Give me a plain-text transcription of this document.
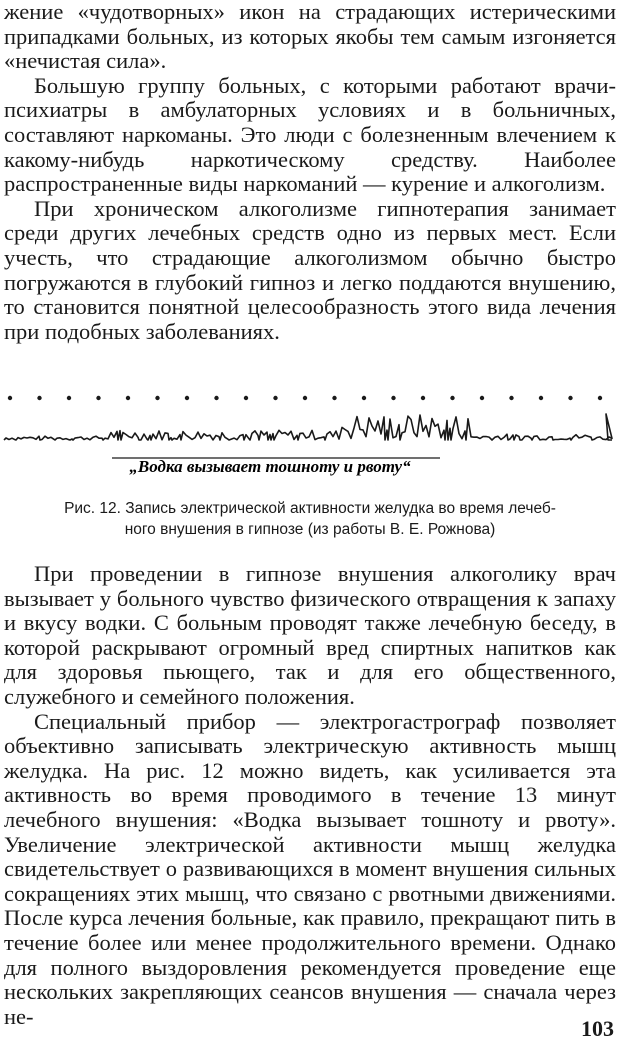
жение «чудотворных» икон на страдающих истерическими припадками больных, из которых якобы тем самым изгоняется «нечистая сила».

Большую группу больных, с которыми работают врачи-психиатры в амбулаторных условиях и в больничных, составляют наркоманы. Это люди с болезненным влечением к какому-нибудь наркотическому средству. Наиболее распространенные виды наркоманий — курение и алкоголизм.

При хроническом алкоголизме гипнотерапия занимает среди других лечебных средств одно из первых мест. Если учесть, что страдающие алкоголизмом обычно быстро погружаются в глубокий гипноз и легко поддаются внушению, то становится понятной целесообразность этого вида лечения при подобных заболеваниях.

„Водка вызывает тошноту и рвоту“
Рис. 12. Запись электрической активности желудка во время лечеб-
ного внушения в гипнозе (из работы В. Е. Рожнова)

При проведении в гипнозе внушения алкоголику врач вызывает у больного чувство физического отвращения к запаху и вкусу водки. С больным проводят также лечебную беседу, в которой раскрывают огромный вред спиртных напитков как для здоровья пьющего, так и для его общественного, служебного и семейного положения.

Специальный прибор — электрогастрограф позволяет объективно записывать электрическую активность мышц желудка. На рис. 12 можно видеть, как усиливается эта активность во время проводимого в течение 13 минут лечебного внушения: «Водка вызывает тошноту и рвоту». Увеличение электрической активности мышц желудка свидетельствует о развивающихся в момент внушения сильных сокращениях этих мышц, что связано с рвотными движениями. После курса лечения больные, как правило, прекращают пить в течение более или менее продолжительного времени. Однако для полного выздоровления рекомендуется проведение еще нескольких закрепляющих сеансов внушения — сначала через не-	103
